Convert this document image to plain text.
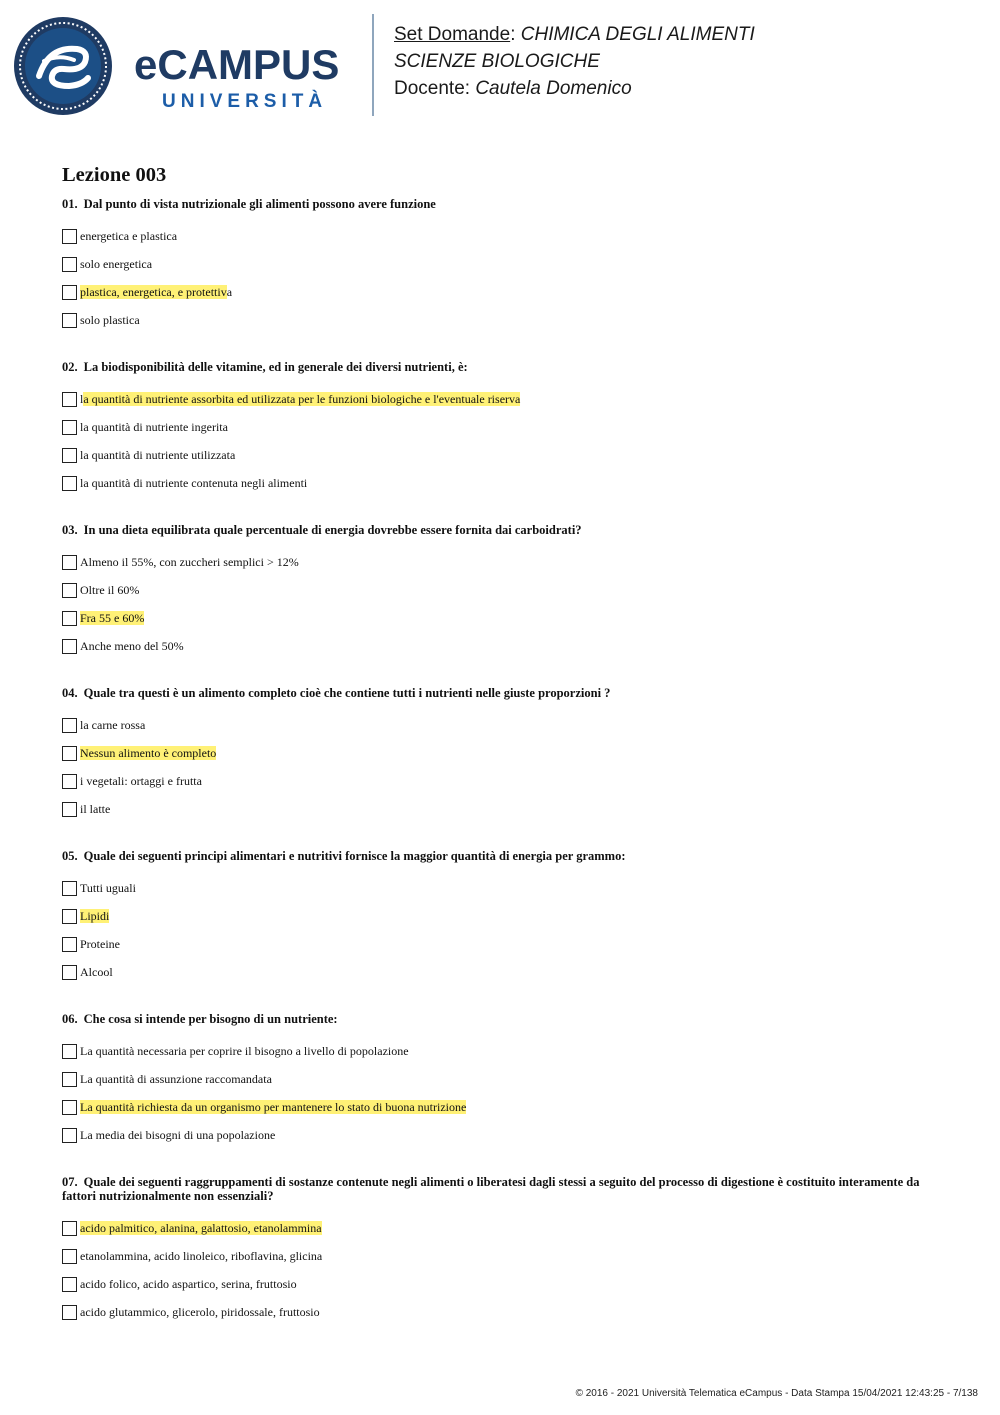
eCAMPUS
UNIVERSITÀ
Set Domande: CHIMICA DEGLI ALIMENTI
SCIENZE BIOLOGICHE
Docente: Cautela Domenico
Lezione 003
01. Dal punto di vista nutrizionale gli alimenti possono avere funzione
energetica e plastica
solo energetica
plastica, energetica, e protettiva
solo plastica
02. La biodisponibilità delle vitamine, ed in generale dei diversi nutrienti, è:
la quantità di nutriente assorbita ed utilizzata per le funzioni biologiche e l'eventuale riserva
la quantità di nutriente ingerita
la quantità di nutriente utilizzata
la quantità di nutriente contenuta negli alimenti
03. In una dieta equilibrata quale percentuale di energia dovrebbe essere fornita dai carboidrati?
Almeno il 55%, con zuccheri semplici > 12%
Oltre il 60%
Fra 55 e 60%
Anche meno del 50%
04. Quale tra questi è un alimento completo cioè che contiene tutti i nutrienti nelle giuste proporzioni ?
la carne rossa
Nessun alimento è completo
i vegetali: ortaggi e frutta
il latte
05. Quale dei seguenti principi alimentari e nutritivi fornisce la maggior quantità di energia per grammo:
Tutti uguali
Lipidi
Proteine
Alcool
06. Che cosa si intende per bisogno di un nutriente:
La quantità necessaria per coprire il bisogno a livello di popolazione
La quantità di assunzione raccomandata
La quantità richiesta da un organismo per mantenere lo stato di buona nutrizione
La media dei bisogni di una popolazione
07. Quale dei seguenti raggruppamenti di sostanze contenute negli alimenti o liberatesi dagli stessi a seguito del processo di digestione è costituito interamente da fattori nutrizionalmente non essenziali?
acido palmitico, alanina, galattosio, etanolammina
etanolammina, acido linoleico, riboflavina, glicina
acido folico, acido aspartico, serina, fruttosio
acido glutammico, glicerolo, piridossale, fruttosio
© 2016 - 2021 Università Telematica eCampus - Data Stampa 15/04/2021 12:43:25 - 7/138
